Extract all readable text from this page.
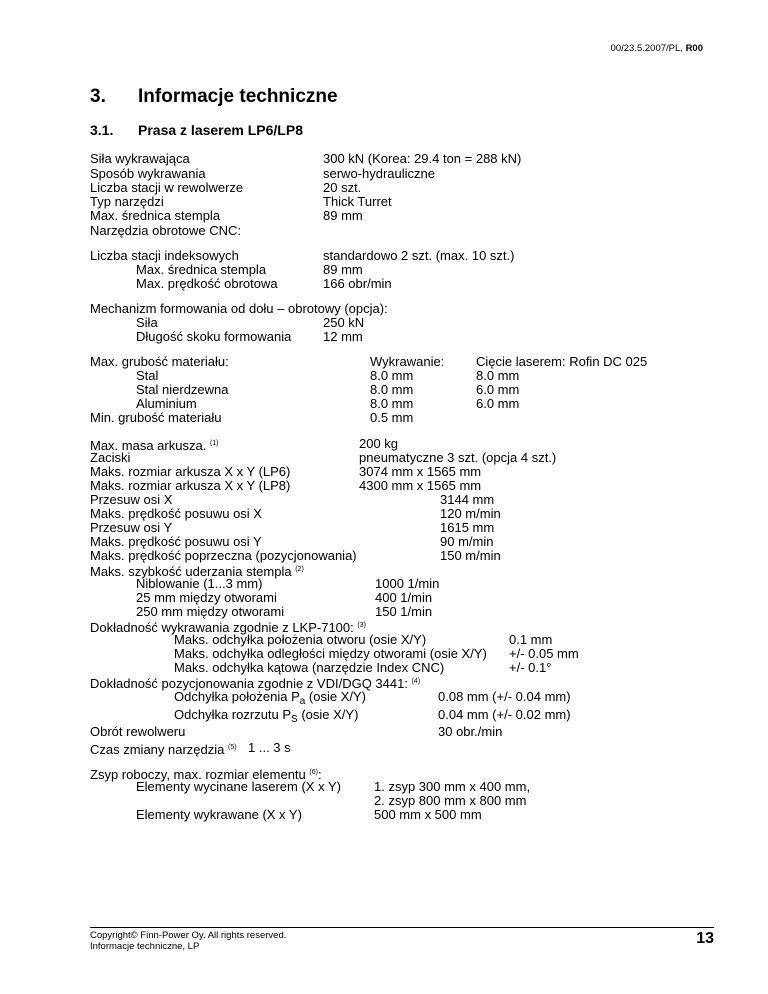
00/23.5.2007/PL, R00
3. Informacje techniczne
3.1. Prasa z laserem LP6/LP8
Siła wykrawająca	300 kN (Korea: 29.4 ton = 288 kN)
Sposób wykrawania	serwo-hydrauliczne
Liczba stacji w rewolwerze	20 szt.
Typ narzędzi	Thick Turret
Max. średnica stempla	89 mm
Narzędzia obrotowe CNC:
Liczba stacji indeksowych	standardowo 2 szt. (max. 10 szt.)
Max. średnica stempla	89 mm
Max. prędkość obrotowa	166 obr/min
Mechanizm formowania od dołu – obrotowy (opcja):
Siła	250 kN
Długość skoku formowania 12 mm
Max. grubość materiału:	Wykrawanie: Cięcie laserem: Rofin DC 025
Stal	8.0 mm	8.0 mm
Stal nierdzewna	8.0 mm	6.0 mm
Aluminium	8.0 mm	6.0 mm
Min. grubość materiału	0.5 mm
Max. masa arkusza. $^{(1)}$	200 kg
Zaciski	pneumatyczne 3 szt. (opcja 4 szt.)
Maks. rozmiar arkusza X x Y (LP6)	3074 mm x 1565 mm
Maks. rozmiar arkusza X x Y (LP8)	4300 mm x 1565 mm
Przesuw osi X	3144 mm
Maks. prędkość posuwu osi X	120 m/min
Przesuw osi Y	1615 mm
Maks. prędkość posuwu osi Y	90 m/min
Maks. prędkość poprzeczna (pozycjonowania)	150 m/min
Maks. szybkość uderzania stempla $^{(2)}$
Niblowanie (1...3 mm)	1000 1/min
25 mm między otworami	400 1/min
250 mm między otworami	150 1/min
Dokładność wykrawania zgodnie z LKP-7100: $^{(3)}$
Maks. odchyłka położenia otworu (osie X/Y)	0.1 mm
Maks. odchyłka odległości między otworami (osie X/Y) +/- 0.05 mm
Maks. odchyłka kątowa (narzędzie Index CNC)	+/- 0.1°
Dokładność pozycjonowania zgodnie z VDI/DGQ 3441: $^{(4)}$
Odchyłka położenia $P_a$ (osie X/Y)	0.08 mm (+/- 0.04 mm)
Odchyłka rozrzutu $P_S$ (osie X/Y)	0.04 mm (+/- 0.02 mm)
Obrót rewolweru	30 obr./min
Czas zmiany narzędzia $^{(5)}$ 1 ... 3 s
Zsyp roboczy, max. rozmiar elementu $^{(6)}$:
Elementy wycinane laserem (X x Y)	1. zsyp 300 mm x 400 mm,
2. zsyp 800 mm x 800 mm
Elementy wykrawane (X x Y)	500 mm x 500 mm
Copyright© Finn-Power Oy. All rights reserved.
Informacje techniczne, LP	13
